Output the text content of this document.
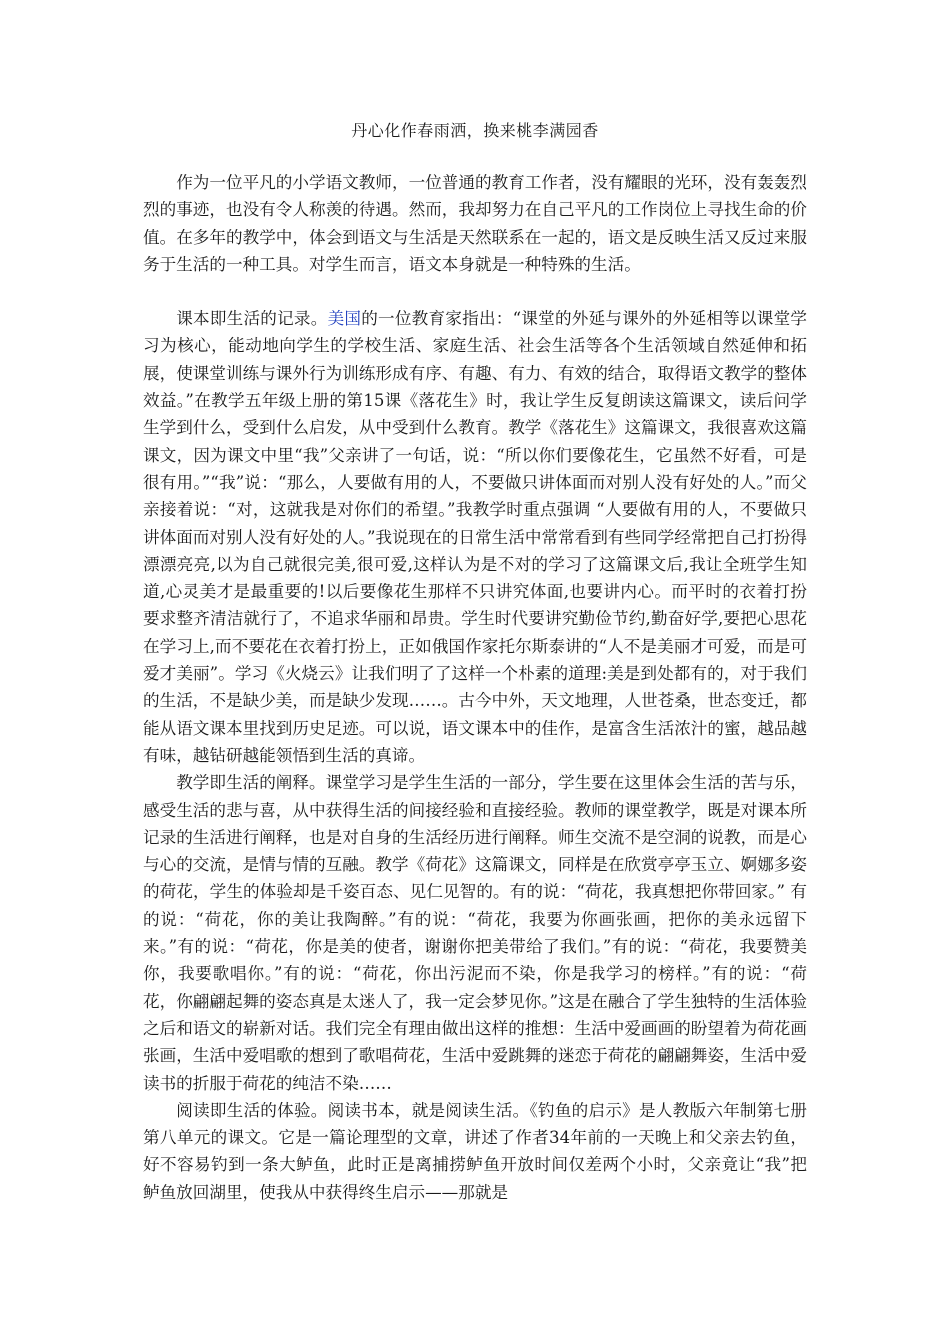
丹心化作春雨洒，换来桃李满园香

作为一位平凡的小学语文教师，一位普通的教育工作者，没有耀眼的光环，没有轰轰烈烈的事迹，也没有令人称羡的待遇。然而，我却努力在自己平凡的工作岗位上寻找生命的价值。在多年的教学中，体会到语文与生活是天然联系在一起的，语文是反映生活又反过来服务于生活的一种工具。对学生而言，语文本身就是一种特殊的生活。

课本即生活的记录。美国的一位教育家指出：“课堂的外延与课外的外延相等以课堂学习为核心，能动地向学生的学校生活、家庭生活、社会生活等各个生活领域自然延伸和拓展，使课堂训练与课外行为训练形成有序、有趣、有力、有效的结合，取得语文教学的整体效益。”在教学五年级上册的第15课《落花生》时，我让学生反复朗读这篇课文，读后问学生学到什么，受到什么启发，从中受到什么教育。教学《落花生》这篇课文，我很喜欢这篇课文，因为课文中里“我”父亲讲了一句话，说：“所以你们要像花生，它虽然不好看，可是很有用。”“我”说：“那么，人要做有用的人，不要做只讲体面而对别人没有好处的人。”而父亲接着说：“对，这就我是对你们的希望。”我教学时重点强调 “人要做有用的人，不要做只讲体面而对别人没有好处的人。”我说现在的日常生活中常常看到有些同学经常把自己打扮得漂漂亮亮,以为自己就很完美,很可爱,这样认为是不对的学习了这篇课文后,我让全班学生知道,心灵美才是最重要的!以后要像花生那样不只讲究体面,也要讲内心。而平时的衣着打扮要求整齐清洁就行了，不追求华丽和昂贵。学生时代要讲究勤俭节约,勤奋好学,要把心思花在学习上,而不要花在衣着打扮上，正如俄国作家托尔斯泰讲的“人不是美丽才可爱，而是可爱才美丽”。学习《火烧云》让我们明了了这样一个朴素的道理:美是到处都有的，对于我们的生活，不是缺少美，而是缺少发现……。古今中外，天文地理，人世苍桑，世态变迁，都能从语文课本里找到历史足迹。可以说，语文课本中的佳作，是富含生活浓汁的蜜，越品越有味，越钻研越能领悟到生活的真谛。

教学即生活的阐释。课堂学习是学生生活的一部分，学生要在这里体会生活的苦与乐，感受生活的悲与喜，从中获得生活的间接经验和直接经验。教师的课堂教学，既是对课本所记录的生活进行阐释，也是对自身的生活经历进行阐释。师生交流不是空洞的说教，而是心与心的交流，是情与情的互融。教学《荷花》这篇课文，同样是在欣赏亭亭玉立、婀娜多姿的荷花，学生的体验却是千姿百态、见仁见智的。有的说：“荷花，我真想把你带回家。” 有的说：“荷花，你的美让我陶醉。”有的说：“荷花，我要为你画张画，把你的美永远留下来。”有的说：“荷花，你是美的使者，谢谢你把美带给了我们。”有的说：“荷花，我要赞美你，我要歌唱你。”有的说：“荷花，你出污泥而不染，你是我学习的榜样。”有的说：“荷花，你翩翩起舞的姿态真是太迷人了，我一定会梦见你。”这是在融合了学生独特的生活体验之后和语文的崭新对话。我们完全有理由做出这样的推想：生活中爱画画的盼望着为荷花画张画，生活中爱唱歌的想到了歌唱荷花，生活中爱跳舞的迷恋于荷花的翩翩舞姿，生活中爱读书的折服于荷花的纯洁不染……

阅读即生活的体验。阅读书本，就是阅读生活。《钓鱼的启示》是人教版六年制第七册第八单元的课文。它是一篇论理型的文章，讲述了作者34年前的一天晚上和父亲去钓鱼，好不容易钓到一条大鲈鱼，此时正是离捕捞鲈鱼开放时间仅差两个小时，父亲竟让“我”把鲈鱼放回湖里，使我从中获得终生启示——那就是
